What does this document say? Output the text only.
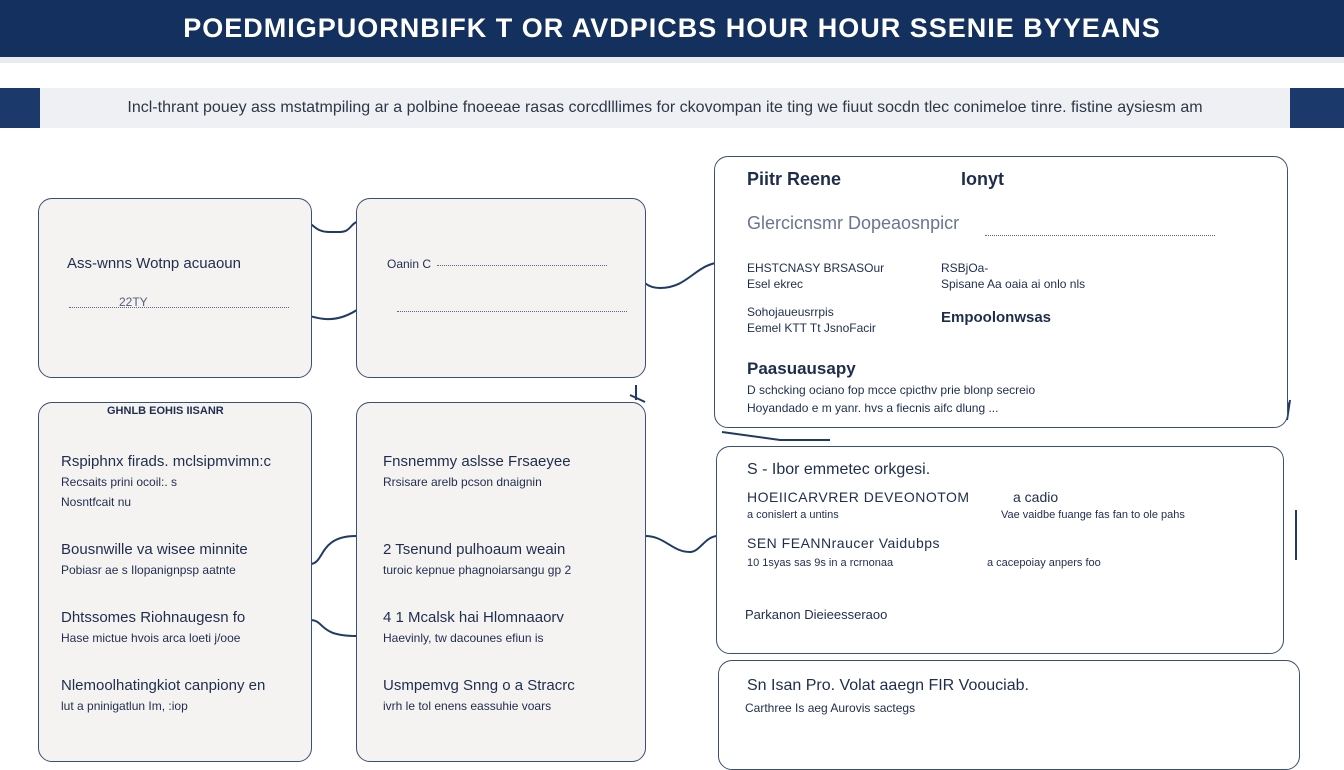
POEDMIGPUORNBIFK T OR AVDPICBS HOUR HOUR SSENIE BYYEANS
Incl-thrant pouey ass mstatmpiling ar a polbine fnoeeae rasas corcdlllimes for ckovompan ite ting we fiuut socdn tlec conimeloe tinre. fistine aysiesm am
Ass-wnns Wotnp acuaoun
22TY
Oanin C
GHNLB EOHIS IISANR
Rspiphnx firads. mclsipmvimn:c
Recsaits prini ocoil:. s
Nosntfcait nu
Bousnwille va wisee minnite
Pobiasr ae s Ilopanignpsp aatnte
Dhtssomes Riohnaugesn fo
Hase mictue hvois arca loeti j/ooe
Nlemoolhatingkiot canpiony en
lut a pninigatlun Im, :iop
Fnsnemmy aslsse Frsaeyee
Rrsisare arelb pcson dnaignin
2 Tsenund pulhoaum weain
turoic kepnue phagnoiarsangu gp 2
4 1 Mcalsk hai Hlomnaaorv
Haevinly, tw dacounes efiun is
Usmpemvg Snng o a Stracrc
ivrh le tol enens eassuhie voars
Piitr Reene	Ionyt
Glercicnsmr Dopeaosnpicr
EHSTCNASY BRSASOur
Esel ekrec
RSBjOa-
Spisane Aa oaia ai onlo nls
Sohojaueusrrpis
Eemel KTT Tt JsnoFacir
Empoolonwsas
Paasuausapy
D schcking ociano fop mcce cpicthv prie blonp secreio
Hoyandado e m yanr. hvs a fiecnis aifc dlung ...
S - Ibor emmetec orkgesi.
HOEIICARVRER DEVEONOTOM	a cadio
a conislert a untins	Vae vaidbe fuange fas fan to ole pahs
SEN FEANNraucer Vaidubps
10 1syas sas 9s in a rcrnonaa	a cacepoiay anpers foo
Parkanon Dieieesseraoo
Sn Isan Pro. Volat aaegn FIR Voouciab.
Carthree Is aeg Aurovis sactegs
